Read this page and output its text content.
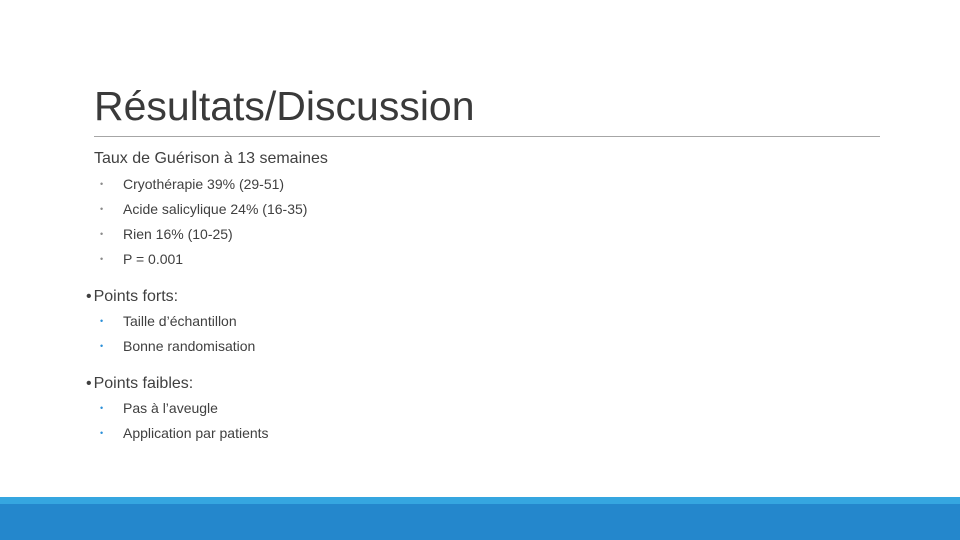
Résultats/Discussion
Taux de Guérison à 13 semaines
• Cryothérapie 39% (29-51)
• Acide salicylique 24% (16-35)
• Rien 16% (10-25)
• P = 0.001
• Points forts:
• Taille d’échantillon
• Bonne randomisation
• Points faibles:
• Pas à l’aveugle
• Application par patients
